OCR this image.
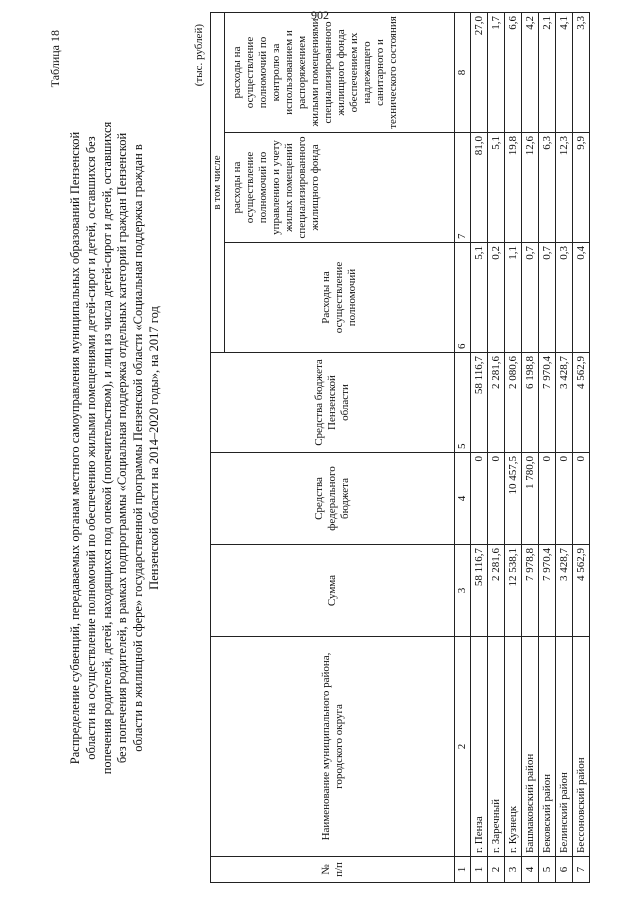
902
Таблица 18
Распределение субвенций, передаваемых органам местного самоуправления муниципальных образований Пензенской области на осуществление полномочий по обеспечению жилыми помещениями детей-сирот и детей, оставшихся без попечения родителей, детей, находящихся под опекой (попечительством), и лиц из числа детей-сирот и детей, оставшихся без попечения родителей, в рамках подпрограммы «Социальная поддержка отдельных категорий граждан Пензенской области в жилищной сфере» государственной программы Пензенской области «Социальная поддержка граждан в Пензенской области на 2014–2020 годы», на 2017 год
(тыс. рублей)
№ п/п	Наименование муниципального района, городского округа	Сумма	Средства федерального бюджета	Средства бюджета Пензенской области	в том числе		
					Расходы на осуществление полномочий	расходы на осуществление полномочий по управлению и учету жилых помещений специализированного жилищного фонда	расходы на осуществление полномочий по контролю за использованием и распоряжением жилыми помещениями специализированного жилищного фонда обеспечением их надлежащего санитарного и технического состояния
1	2	3	4	5	6	7	8
1	г. Пенза	58 116,7	0	58 116,7	5,1	81,0	27,0
2	г. Заречный	2 281,6	0	2 281,6	0,2	5,1	1,7
3	г. Кузнецк	12 538,1	10 457,5	2 080,6	1,1	19,8	6,6
4	Башмаковский район	7 978,8	1 780,0	6 198,8	0,7	12,6	4,2
5	Бековский район	7 970,4	0	7 970,4	0,7	6,3	2,1
6	Белинский район	3 428,7	0	3 428,7	0,3	12,3	4,1
7	Бессоновский район	4 562,9	0	4 562,9	0,4	9,9	3,3
